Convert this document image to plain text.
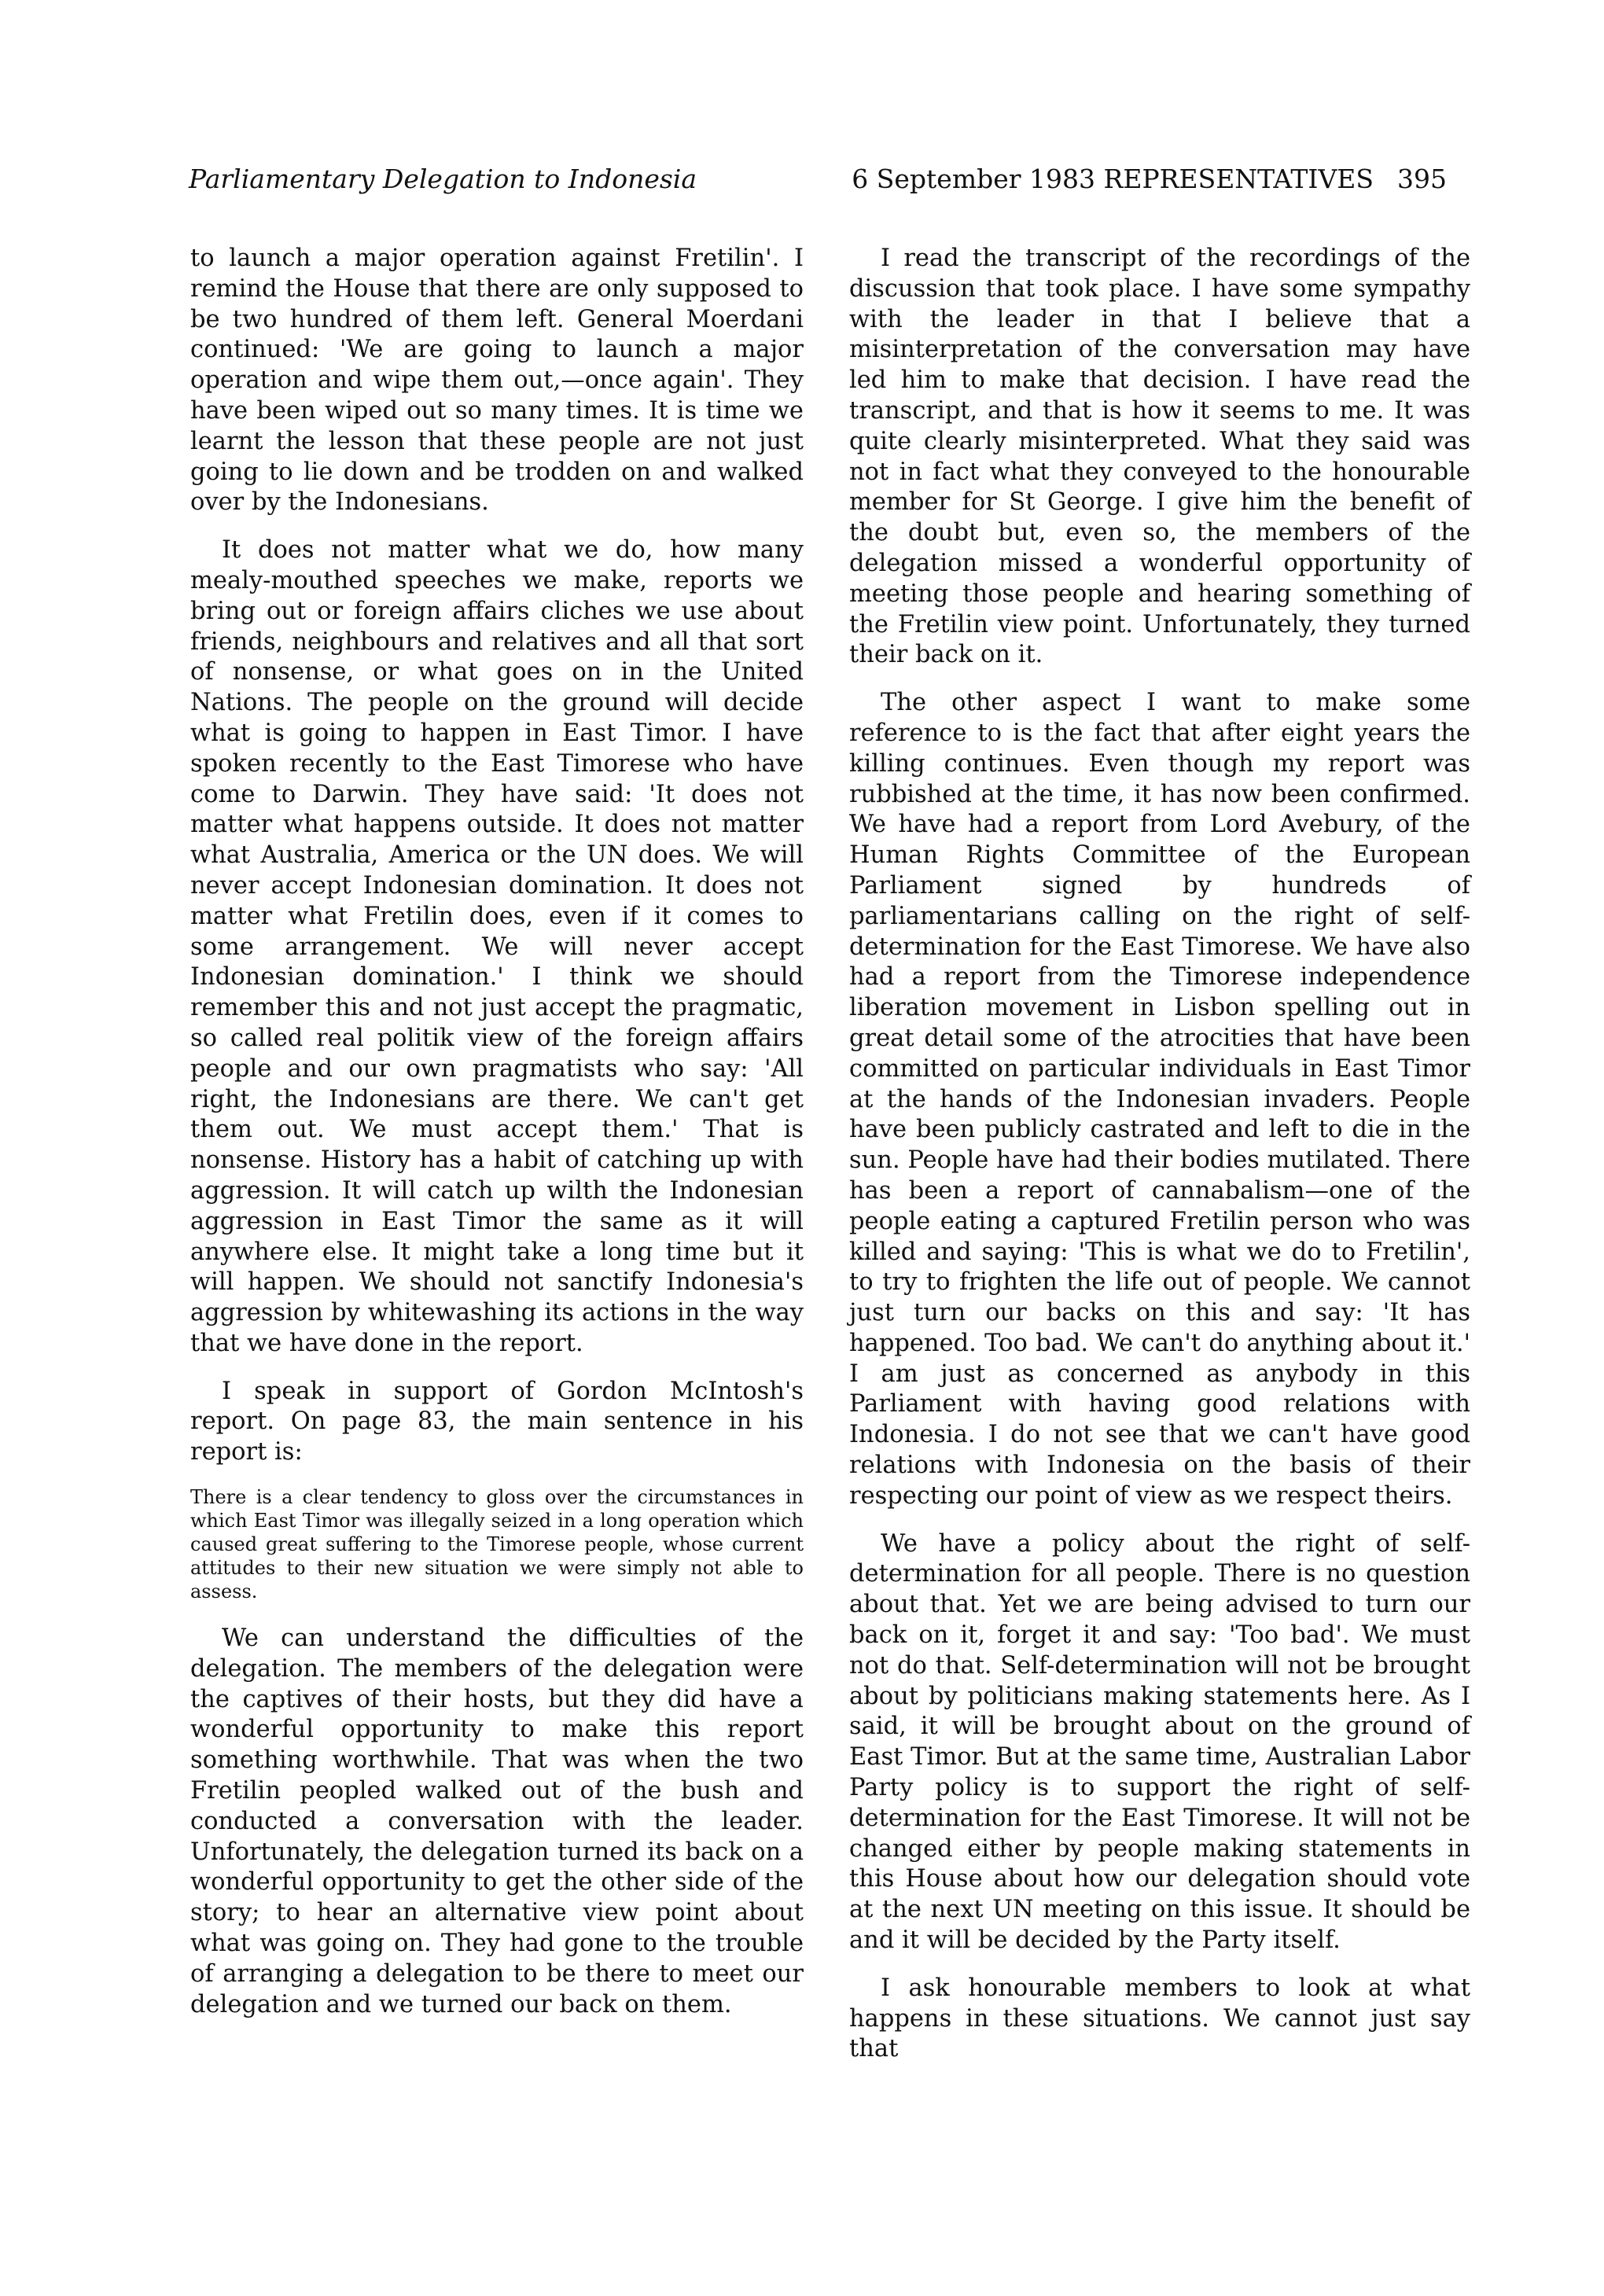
Parliamentary Delegation to Indonesia	6 September 1983 REPRESENTATIVES 395

to launch a major operation against Fretilin'. I remind the House that there are only supposed to be two hundred of them left. General Moerdani continued: 'We are going to launch a major operation and wipe them out,—once again'. They have been wiped out so many times. It is time we learnt the lesson that these people are not just going to lie down and be trodden on and walked over by the Indonesians.

It does not matter what we do, how many mealy-mouthed speeches we make, reports we bring out or foreign affairs cliches we use about friends, neighbours and relatives and all that sort of nonsense, or what goes on in the United Nations. The people on the ground will decide what is going to happen in East Timor. I have spoken recently to the East Timorese who have come to Darwin. They have said: 'It does not matter what happens outside. It does not matter what Australia, America or the UN does. We will never accept Indonesian domination. It does not matter what Fretilin does, even if it comes to some arrangement. We will never accept Indonesian domination.' I think we should remember this and not just accept the pragmatic, so called real politik view of the foreign affairs people and our own pragmatists who say: 'All right, the Indonesians are there. We can't get them out. We must accept them.' That is nonsense. History has a habit of catching up with aggression. It will catch up wilth the Indonesian aggression in East Timor the same as it will anywhere else. It might take a long time but it will happen. We should not sanctify Indonesia's aggression by whitewashing its actions in the way that we have done in the report.

I speak in support of Gordon McIntosh's report. On page 83, the main sentence in his report is:

There is a clear tendency to gloss over the circumstances in which East Timor was illegally seized in a long operation which caused great suffering to the Timorese people, whose current attitudes to their new situation we were simply not able to assess.

We can understand the difficulties of the delegation. The members of the delegation were the captives of their hosts, but they did have a wonderful opportunity to make this report something worthwhile. That was when the two Fretilin peopled walked out of the bush and conducted a conversation with the leader. Unfortunately, the delegation turned its back on a wonderful opportunity to get the other side of the story; to hear an alternative view point about what was going on. They had gone to the trouble of arranging a delegation to be there to meet our delegation and we turned our back on them.

I read the transcript of the recordings of the discussion that took place. I have some sympathy with the leader in that I believe that a misinterpretation of the conversation may have led him to make that decision. I have read the transcript, and that is how it seems to me. It was quite clearly misinterpreted. What they said was not in fact what they conveyed to the honourable member for St George. I give him the benefit of the doubt but, even so, the members of the delegation missed a wonderful opportunity of meeting those people and hearing something of the Fretilin view point. Unfortunately, they turned their back on it.

The other aspect I want to make some reference to is the fact that after eight years the killing continues. Even though my report was rubbished at the time, it has now been confirmed. We have had a report from Lord Avebury, of the Human Rights Committee of the European Parliament signed by hundreds of parliamentarians calling on the right of self-determination for the East Timorese. We have also had a report from the Timorese independence liberation movement in Lisbon spelling out in great detail some of the atrocities that have been committed on particular individuals in East Timor at the hands of the Indonesian invaders. People have been publicly castrated and left to die in the sun. People have had their bodies mutilated. There has been a report of cannabalism—one of the people eating a captured Fretilin person who was killed and saying: 'This is what we do to Fretilin', to try to frighten the life out of people. We cannot just turn our backs on this and say: 'It has happened. Too bad. We can't do anything about it.' I am just as concerned as anybody in this Parliament with having good relations with Indonesia. I do not see that we can't have good relations with Indonesia on the basis of their respecting our point of view as we respect theirs.

We have a policy about the right of self-determination for all people. There is no question about that. Yet we are being advised to turn our back on it, forget it and say: 'Too bad'. We must not do that. Self-determination will not be brought about by politicians making statements here. As I said, it will be brought about on the ground of East Timor. But at the same time, Australian Labor Party policy is to support the right of self-determination for the East Timorese. It will not be changed either by people making statements in this House about how our delegation should vote at the next UN meeting on this issue. It should be and it will be decided by the Party itself.

I ask honourable members to look at what happens in these situations. We cannot just say that
